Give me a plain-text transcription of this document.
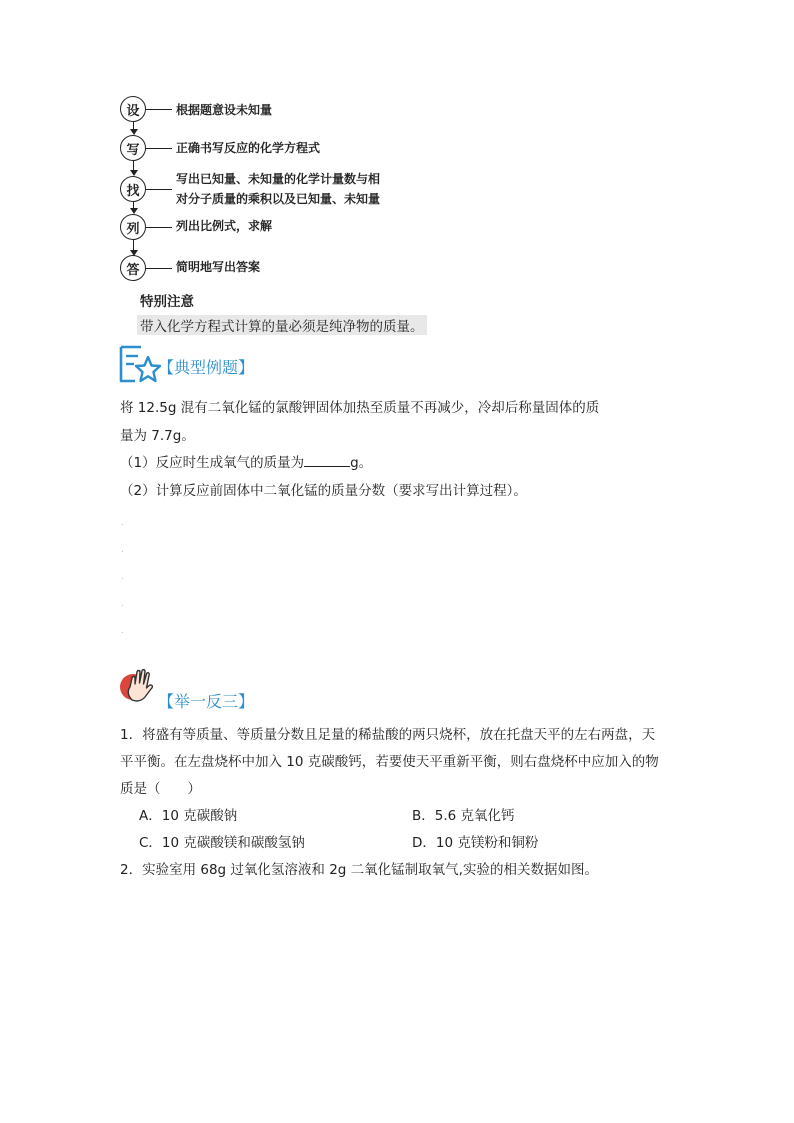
设	根据题意设未知量
写	正确书写反应的化学方程式
找
写出已知量、未知量的化学计量数与相
对分子质量的乘积以及已知量、未知量
列	列出比例式，求解
答	简明地写出答案
特别注意
带入化学方程式计算的量必须是纯净物的质量。
【典型例题】
将 12.5g 混有二氧化锰的氯酸钾固体加热至质量不再减少，冷却后称量固体的质
量为 7.7g。
（1）反应时生成氧气的质量为	g。
（2）计算反应前固体中二氧化锰的质量分数（要求写出计算过程）。
.
.
.
.
.
【举一反三】
1．将盛有等质量、等质量分数且足量的稀盐酸的两只烧杯，放在托盘天平的左右两盘，天
平平衡。在左盘烧杯中加入 10 克碳酸钙，若要使天平重新平衡，则右盘烧杯中应加入的物
质是（　　）
A．10 克碳酸钠	B．5.6 克氧化钙
C．10 克碳酸镁和碳酸氢钠	D．10 克镁粉和铜粉
2．实验室用 68g 过氧化氢溶液和 2g 二氧化锰制取氧气,实验的相关数据如图。
